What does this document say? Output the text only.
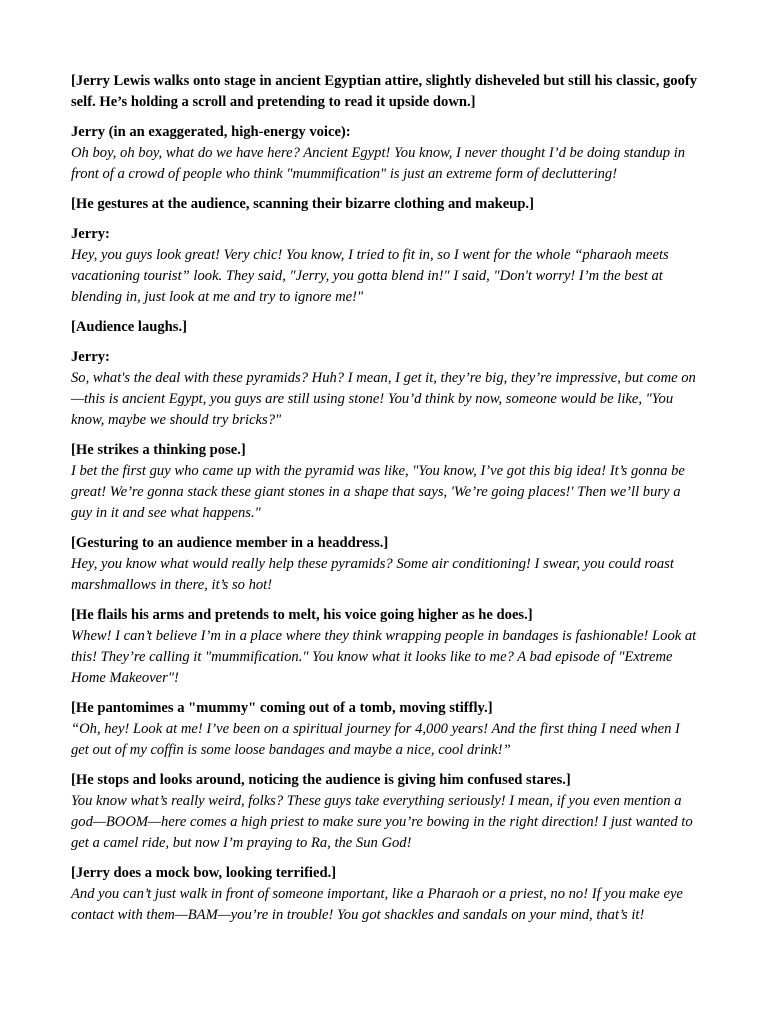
[Jerry Lewis walks onto stage in ancient Egyptian attire, slightly disheveled but still his classic, goofy self. He’s holding a scroll and pretending to read it upside down.]

Jerry (in an exaggerated, high-energy voice):

Oh boy, oh boy, what do we have here? Ancient Egypt! You know, I never thought I’d be doing standup in front of a crowd of people who think "mummification" is just an extreme form of decluttering!

[He gestures at the audience, scanning their bizarre clothing and makeup.]

Jerry:

Hey, you guys look great! Very chic! You know, I tried to fit in, so I went for the whole “pharaoh meets vacationing tourist” look. They said, "Jerry, you gotta blend in!" I said, "Don't worry! I’m the best at blending in, just look at me and try to ignore me!"

[Audience laughs.]

Jerry:

So, what's the deal with these pyramids? Huh? I mean, I get it, they’re big, they’re impressive, but come on—this is ancient Egypt, you guys are still using stone! You’d think by now, someone would be like, "You know, maybe we should try bricks?"

[He strikes a thinking pose.]

I bet the first guy who came up with the pyramid was like, "You know, I’ve got this big idea! It’s gonna be great! We’re gonna stack these giant stones in a shape that says, 'We’re going places!' Then we’ll bury a guy in it and see what happens."

[Gesturing to an audience member in a headdress.]

Hey, you know what would really help these pyramids? Some air conditioning! I swear, you could roast marshmallows in there, it’s so hot!

[He flails his arms and pretends to melt, his voice going higher as he does.]

Whew! I can’t believe I’m in a place where they think wrapping people in bandages is fashionable! Look at this! They’re calling it "mummification." You know what it looks like to me? A bad episode of "Extreme Home Makeover"!

[He pantomimes a "mummy" coming out of a tomb, moving stiffly.]

“Oh, hey! Look at me! I’ve been on a spiritual journey for 4,000 years! And the first thing I need when I get out of my coffin is some loose bandages and maybe a nice, cool drink!”

[He stops and looks around, noticing the audience is giving him confused stares.]

You know what’s really weird, folks? These guys take everything seriously! I mean, if you even mention a god—BOOM—here comes a high priest to make sure you’re bowing in the right direction! I just wanted to get a camel ride, but now I’m praying to Ra, the Sun God!

[Jerry does a mock bow, looking terrified.]

And you can’t just walk in front of someone important, like a Pharaoh or a priest, no no! If you make eye contact with them—BAM—you’re in trouble! You got shackles and sandals on your mind, that’s it!
